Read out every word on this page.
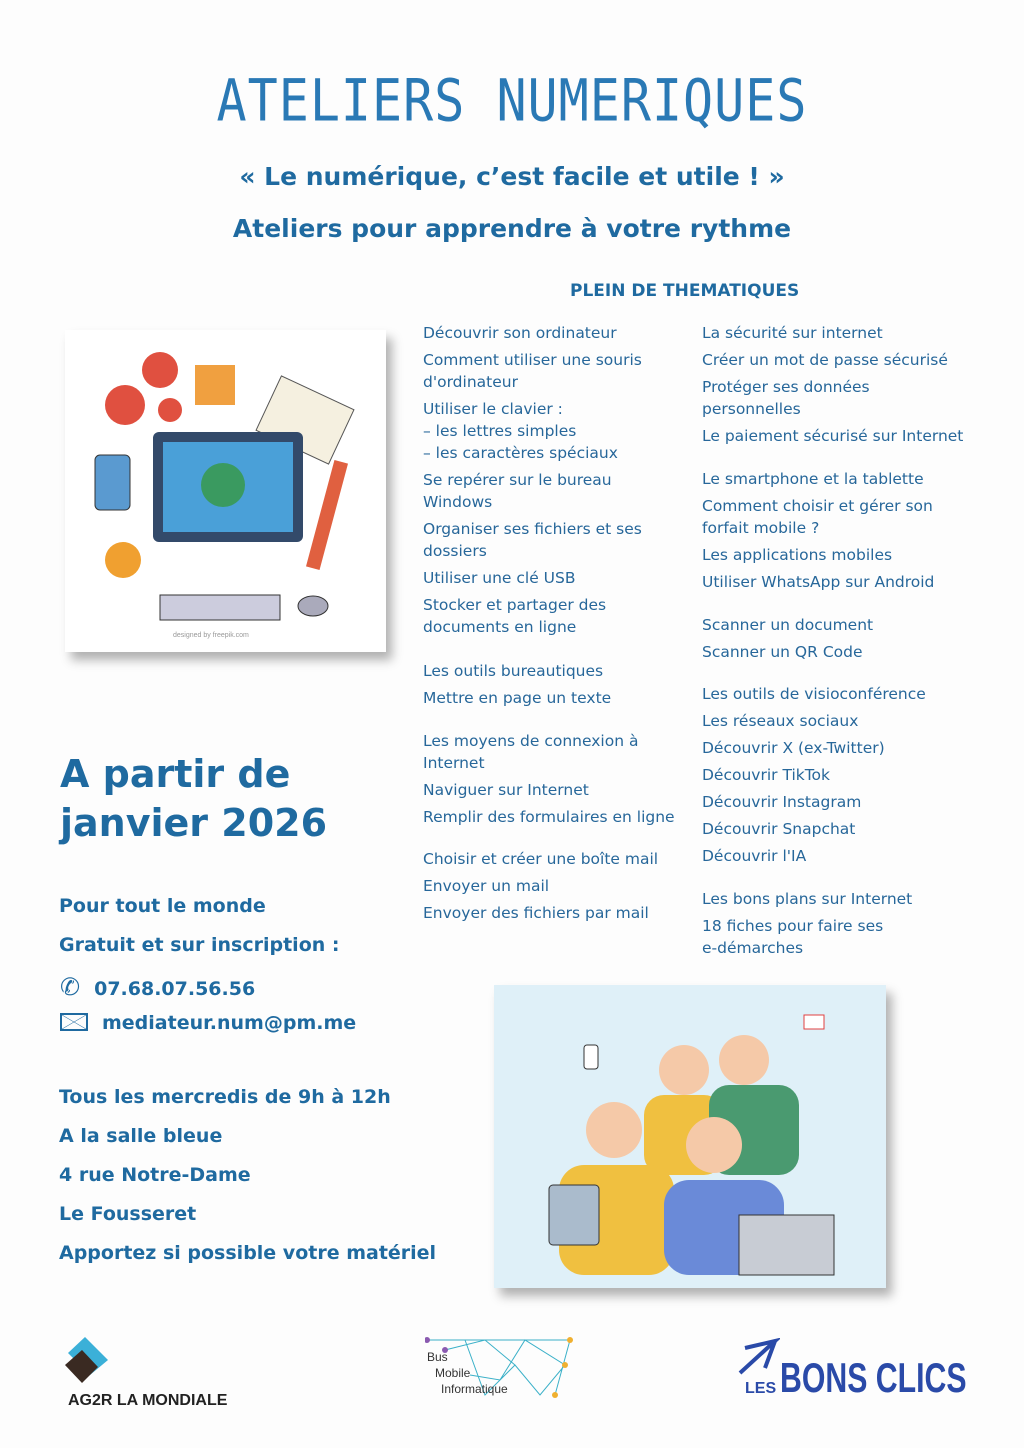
ATELIERS NUMERIQUES
« Le numérique, c’est facile et utile ! »
Ateliers pour apprendre à votre rythme
PLEIN DE THEMATIQUES
Découvrir son ordinateur
Comment utiliser une souris
d'ordinateur
Utiliser le clavier :
– les lettres simples
– les caractères spéciaux
Se repérer sur le bureau
Windows
Organiser ses fichiers et ses
dossiers
Utiliser une clé USB
Stocker et partager des
documents en ligne
Les outils bureautiques
Mettre en page un texte
Les moyens de connexion à
Internet
Naviguer sur Internet
Remplir des formulaires en ligne
Choisir et créer une boîte mail
Envoyer un mail
Envoyer des fichiers par mail
La sécurité sur internet
Créer un mot de passe sécurisé
Protéger ses données
personnelles
Le paiement sécurisé sur Internet
Le smartphone et la tablette
Comment choisir et gérer son
forfait mobile ?
Les applications mobiles
Utiliser WhatsApp sur Android
Scanner un document
Scanner un QR Code
Les outils de visioconférence
Les réseaux sociaux
Découvrir X (ex-Twitter)
Découvrir TikTok
Découvrir Instagram
Découvrir Snapchat
Découvrir l'IA
Les bons plans sur Internet
18 fiches pour faire ses
e-démarches
designed by freepik.com
A partir de
janvier 2026
Pour tout le monde
Gratuit et sur inscription :
✆ 07.68.07.56.56
mediateur.num@pm.me
Tous les mercredis de 9h à 12h
A la salle bleue
4 rue Notre-Dame
Le Fousseret
Apportez si possible votre matériel
AG2R LA MONDIALE
Bus
Mobile
Informatique	LES BONS CLICS
